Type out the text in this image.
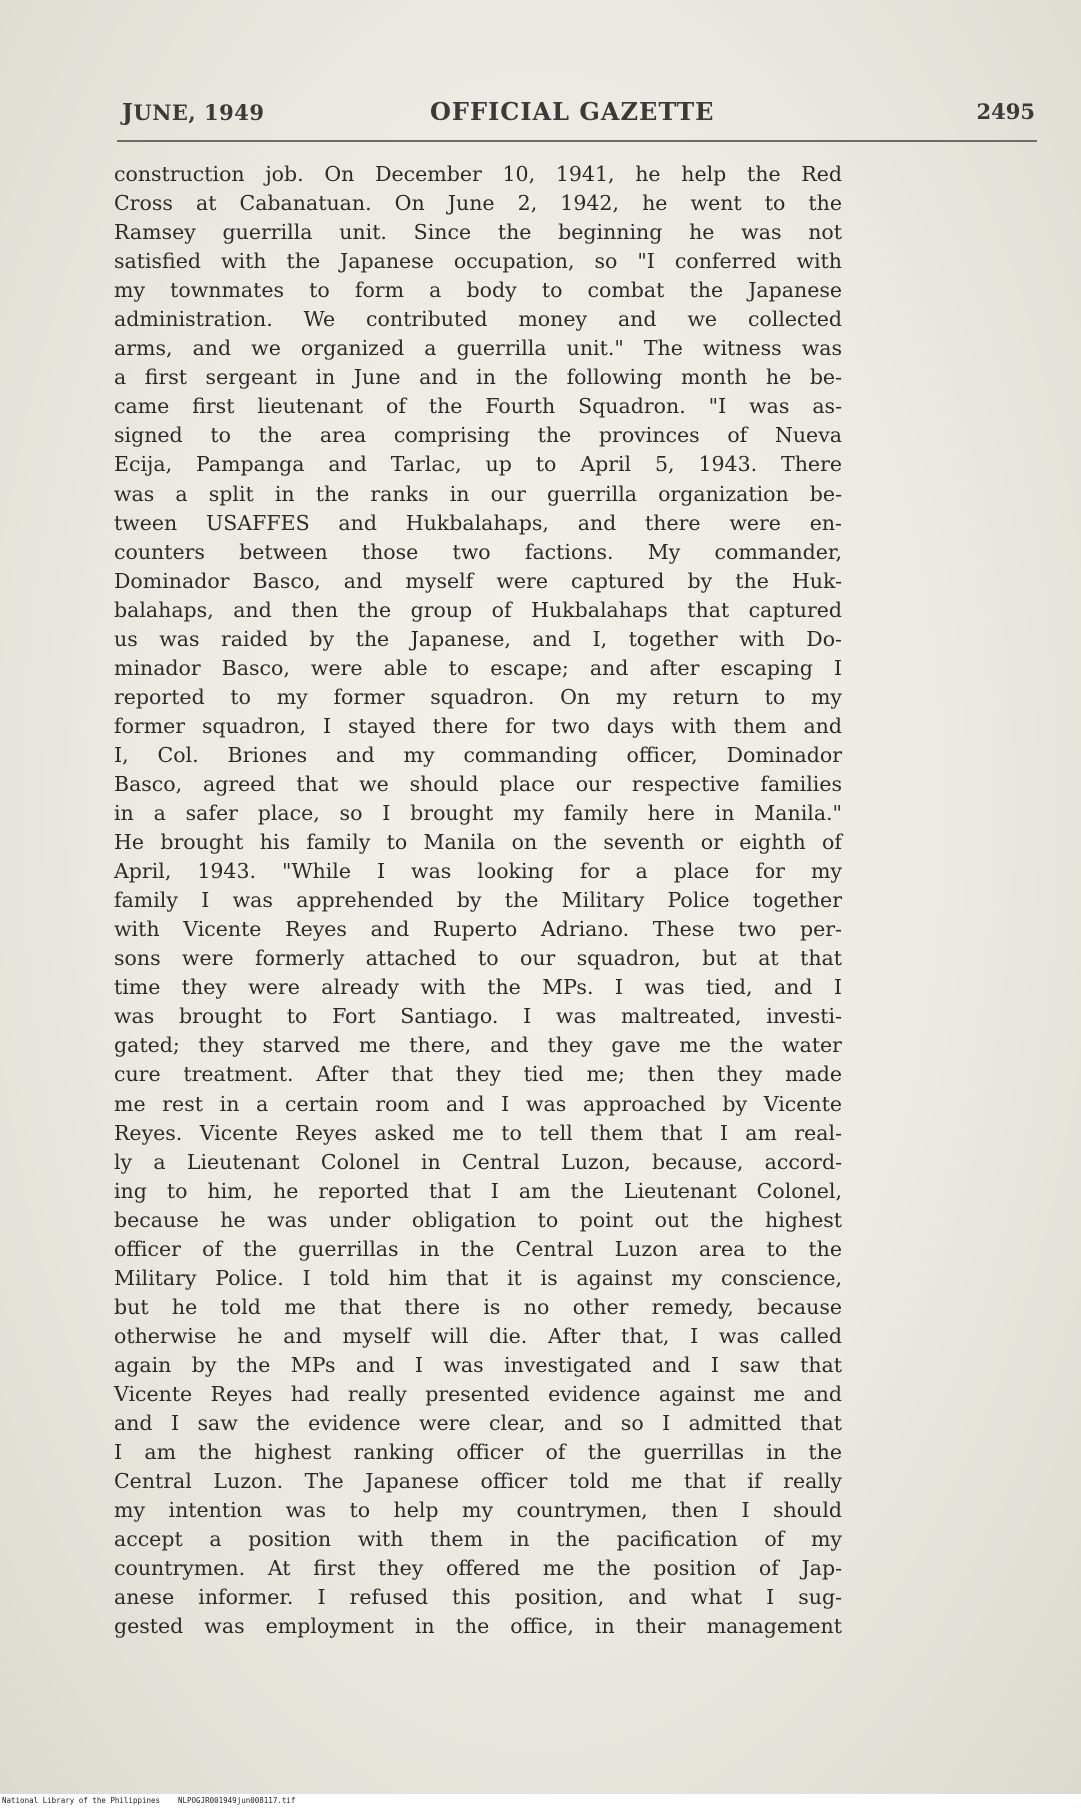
JUNE, 1949	OFFICIAL GAZETTE	2495
construction job. On December 10, 1941, he help the Red
Cross at Cabanatuan. On June 2, 1942, he went to the
Ramsey guerrilla unit. Since the beginning he was not
satisfied with the Japanese occupation, so "I conferred with
my townmates to form a body to combat the Japanese
administration. We contributed money and we collected
arms, and we organized a guerrilla unit." The witness was
a first sergeant in June and in the following month he be-
came first lieutenant of the Fourth Squadron. "I was as-
signed to the area comprising the provinces of Nueva
Ecija, Pampanga and Tarlac, up to April 5, 1943. There
was a split in the ranks in our guerrilla organization be-
tween USAFFES and Hukbalahaps, and there were en-
counters between those two factions. My commander,
Dominador Basco, and myself were captured by the Huk-
balahaps, and then the group of Hukbalahaps that captured
us was raided by the Japanese, and I, together with Do-
minador Basco, were able to escape; and after escaping I
reported to my former squadron. On my return to my
former squadron, I stayed there for two days with them and
I, Col. Briones and my commanding officer, Dominador
Basco, agreed that we should place our respective families
in a safer place, so I brought my family here in Manila."
He brought his family to Manila on the seventh or eighth of
April, 1943. "While I was looking for a place for my
family I was apprehended by the Military Police together
with Vicente Reyes and Ruperto Adriano. These two per-
sons were formerly attached to our squadron, but at that
time they were already with the MPs. I was tied, and I
was brought to Fort Santiago. I was maltreated, investi-
gated; they starved me there, and they gave me the water
cure treatment. After that they tied me; then they made
me rest in a certain room and I was approached by Vicente
Reyes. Vicente Reyes asked me to tell them that I am real-
ly a Lieutenant Colonel in Central Luzon, because, accord-
ing to him, he reported that I am the Lieutenant Colonel,
because he was under obligation to point out the highest
officer of the guerrillas in the Central Luzon area to the
Military Police. I told him that it is against my conscience,
but he told me that there is no other remedy, because
otherwise he and myself will die. After that, I was called
again by the MPs and I was investigated and I saw that
Vicente Reyes had really presented evidence against me and
and I saw the evidence were clear, and so I admitted that
I am the highest ranking officer of the guerrillas in the
Central Luzon. The Japanese officer told me that if really
my intention was to help my countrymen, then I should
accept a position with them in the pacification of my
countrymen. At first they offered me the position of Jap-
anese informer. I refused this position, and what I sug-
gested was employment in the office, in their management
National Library of the Philippines NLPOGJR001949jun008117.tif
